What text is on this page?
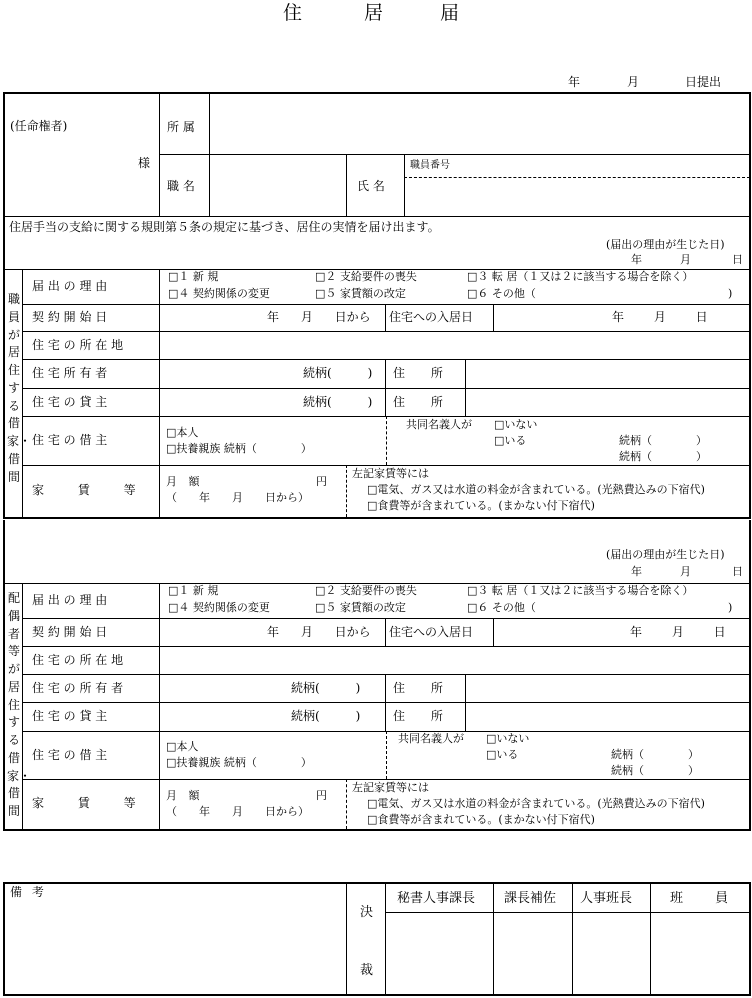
住	居	届
年	月	日提出
(任命権者)
様
所 属
職 名	氏 名
職員番号
住居手当の支給に関する規則第５条の規定に基づき、居住の実情を届け出ます。
(届出の理由が生じた日)
年	月	日
職員が居住する借家・借間
届 出 の 理 由
□１ 新 規	□２ 支給要件の喪失	□３ 転 居（１又は２に該当する場合を除く）
□４ 契約関係の変更	□５ 家賃額の改定	□６ その他（	)
契 約 開 始 日	年 月 日から 住宅への入居日	年 月 日
住 宅 の 所 在 地
住 宅 所 有 者	続柄(　　　) 住 所
住 宅 の 貸 主	続柄(　　　) 住 所
住 宅 の 借 主
□本人
□扶養親族 続柄（　　　　）
共同名義人が □いない
□いる	続柄（　　　　）
続柄（　　　　）
家 賃 等
月 額	円
（　　年　　月　　日から）
左記家賃等には
□電気、ガス又は水道の料金が含まれている。(光熱費込みの下宿代)
□食費等が含まれている。(まかない付下宿代)
(届出の理由が生じた日)
年	月	日
配偶者等が居住する借家・借間
届 出 の 理 由
□１ 新 規	□２ 支給要件の喪失	□３ 転 居（１又は２に該当する場合を除く）
□４ 契約関係の変更	□５ 家賃額の改定	□６ その他（	)
契 約 開 始 日	年 月 日から 住宅への入居日	年 月 日
住 宅 の 所 在 地
住 宅 の 所 有 者	続柄(　　　)	住 所
住 宅 の 貸 主	続柄(　　　)	住 所
住 宅 の 借 主
□本人
□扶養親族 続柄（　　　　）
共同名義人が □いない
□いる	続柄（　　　　）
続柄（　　　　）
家 賃 等
月 額	円
（　　年　　月　　日から）
左記家賃等には
□電気、ガス又は水道の料金が含まれている。(光熱費込みの下宿代)
□食費等が含まれている。(まかない付下宿代)
備 考
決
裁
秘書人事課長 課長補佐 人事班長	班 員
